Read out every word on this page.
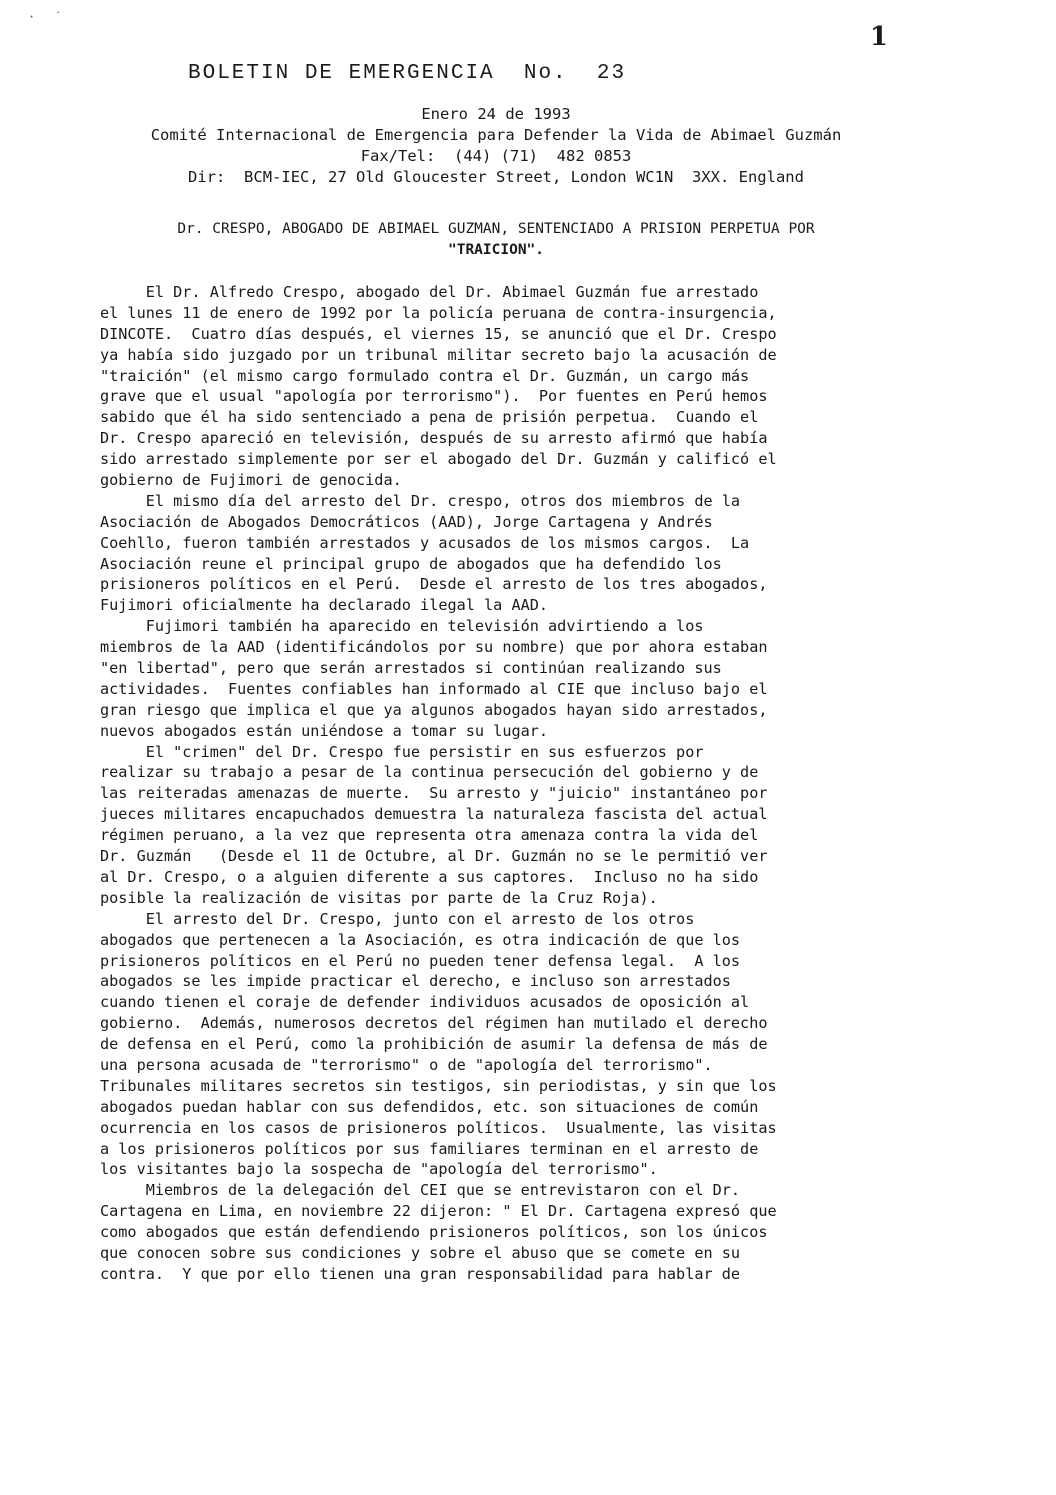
· ˙
1
BOLETIN DE EMERGENCIA  No.  23
Enero 24 de 1993
Comité Internacional de Emergencia para Defender la Vida de Abimael Guzmán
Fax/Tel:  (44) (71)  482 0853
Dir:  BCM-IEC, 27 Old Gloucester Street, London WC1N  3XX. England
Dr. CRESPO, ABOGADO DE ABIMAEL GUZMAN, SENTENCIADO A PRISION PERPETUA POR
"TRAICION".
El Dr. Alfredo Crespo, abogado del Dr. Abimael Guzmán fue arrestado
el lunes 11 de enero de 1992 por la policía peruana de contra-insurgencia,
DINCOTE.  Cuatro días después, el viernes 15, se anunció que el Dr. Crespo
ya había sido juzgado por un tribunal militar secreto bajo la acusación de
"traición" (el mismo cargo formulado contra el Dr. Guzmán, un cargo más
grave que el usual "apología por terrorismo").  Por fuentes en Perú hemos
sabido que él ha sido sentenciado a pena de prisión perpetua.  Cuando el
Dr. Crespo apareció en televisión, después de su arresto afirmó que había
sido arrestado simplemente por ser el abogado del Dr. Guzmán y calificó el
gobierno de Fujimori de genocida.
El mismo día del arresto del Dr. crespo, otros dos miembros de la
Asociación de Abogados Democráticos (AAD), Jorge Cartagena y Andrés
Coehllo, fueron también arrestados y acusados de los mismos cargos.  La
Asociación reune el principal grupo de abogados que ha defendido los
prisioneros políticos en el Perú.  Desde el arresto de los tres abogados,
Fujimori oficialmente ha declarado ilegal la AAD.
Fujimori también ha aparecido en televisión advirtiendo a los
miembros de la AAD (identificándolos por su nombre) que por ahora estaban
"en libertad", pero que serán arrestados si continúan realizando sus
actividades.  Fuentes confiables han informado al CIE que incluso bajo el
gran riesgo que implica el que ya algunos abogados hayan sido arrestados,
nuevos abogados están uniéndose a tomar su lugar.
El "crimen" del Dr. Crespo fue persistir en sus esfuerzos por
realizar su trabajo a pesar de la continua persecución del gobierno y de
las reiteradas amenazas de muerte.  Su arresto y "juicio" instantáneo por
jueces militares encapuchados demuestra la naturaleza fascista del actual
régimen peruano, a la vez que representa otra amenaza contra la vida del
Dr. Guzmán   (Desde el 11 de Octubre, al Dr. Guzmán no se le permitió ver
al Dr. Crespo, o a alguien diferente a sus captores.  Incluso no ha sido
posible la realización de visitas por parte de la Cruz Roja).
El arresto del Dr. Crespo, junto con el arresto de los otros
abogados que pertenecen a la Asociación, es otra indicación de que los
prisioneros políticos en el Perú no pueden tener defensa legal.  A los
abogados se les impide practicar el derecho, e incluso son arrestados
cuando tienen el coraje de defender individuos acusados de oposición al
gobierno.  Además, numerosos decretos del régimen han mutilado el derecho
de defensa en el Perú, como la prohibición de asumir la defensa de más de
una persona acusada de "terrorismo" o de "apología del terrorismo".
Tribunales militares secretos sin testigos, sin periodistas, y sin que los
abogados puedan hablar con sus defendidos, etc. son situaciones de común
ocurrencia en los casos de prisioneros políticos.  Usualmente, las visitas
a los prisioneros políticos por sus familiares terminan en el arresto de
los visitantes bajo la sospecha de "apología del terrorismo".
Miembros de la delegación del CEI que se entrevistaron con el Dr.
Cartagena en Lima, en noviembre 22 dijeron: " El Dr. Cartagena expresó que
como abogados que están defendiendo prisioneros políticos, son los únicos
que conocen sobre sus condiciones y sobre el abuso que se comete en su
contra.  Y que por ello tienen una gran responsabilidad para hablar de
